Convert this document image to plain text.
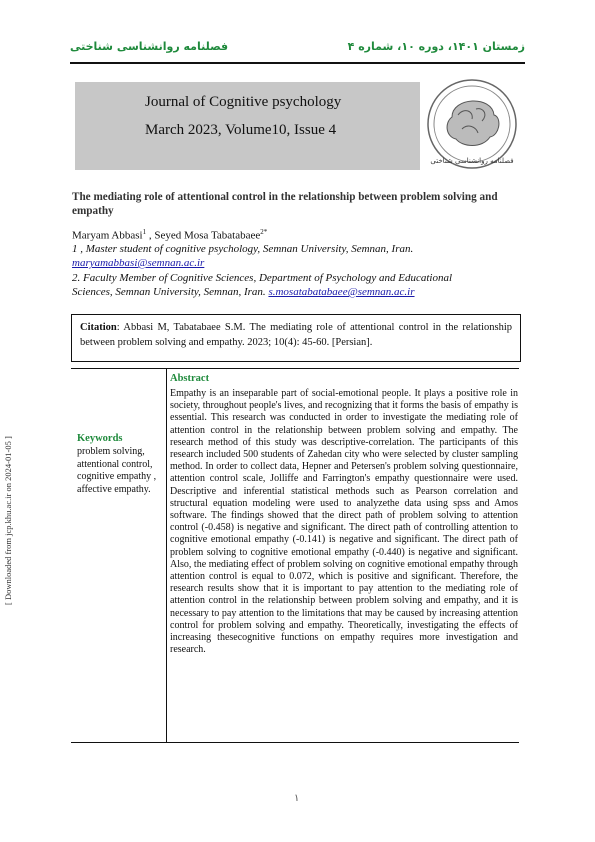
فصلنامه روانشناسی شناختی	زمستان ۱۴۰۱، دوره ۱۰، شماره ۴
Journal of Cognitive psychology
March 2023, Volume10, Issue 4
فصلنامه روانشناسی شناختی
The mediating role of attentional control in the relationship between problem solving and empathy
Maryam Abbasi$^1$ , Seyed Mosa Tabatabaee$^{2*}$
1 , Master student of cognitive psychology, Semnan University, Semnan, Iran.
maryamabbasi@semnan.ac.ir
2. Faculty Member of Cognitive Sciences, Department of Psychology and Educational
Sciences, Semnan University, Semnan, Iran. s.mosatabatabaee@semnan.ac.ir
Citation: Abbasi M, Tabatabaee S.M. The mediating role of attentional control in the relationship between problem solving and empathy. 2023; 10(4): 45-60. [Persian].
Keywords
problem solving, attentional control, cognitive empathy , affective empathy.
Abstract
Empathy is an inseparable part of social-emotional people. It plays a positive role in society, throughout people's lives, and recognizing that it forms the basis of empathy is essential. This research was conducted in order to investigate the mediating role of attention control in the relationship between problem solving and empathy. The research method of this study was descriptive-correlation. The participants of this research included 500 students of Zahedan city who were selected by cluster sampling method. In order to collect data, Hepner and Petersen's problem solving questionnaire, attention control scale, Jolliffe and Farrington's empathy questionnaire were used. Descriptive and inferential statistical methods such as Pearson correlation and structural equation modeling were used to analyzethe data using spss and Amos software. The findings showed that the direct path of problem solving to attention control (-0.458) is negative and significant. The direct path of controlling attention to cognitive emotional empathy (-0.141) is negative and significant. The direct path of problem solving to cognitive emotional empathy (-0.440) is negative and significant. Also, the mediating effect of problem solving on cognitive emotional empathy through attention control is equal to 0.072, which is positive and significant. Therefore, the research results show that it is important to pay attention to the mediating role of attention control in the relationship between problem solving and empathy, and it is necessary to pay attention to the limitations that may be caused by increasing attention control for problem solving and empathy. Theoretically, investigating the effects of increasing thesecognitive functions on empathy requires more investigation and research.
[ Downloaded from jcp.khu.ac.ir on 2024-01-05 ]
۱
